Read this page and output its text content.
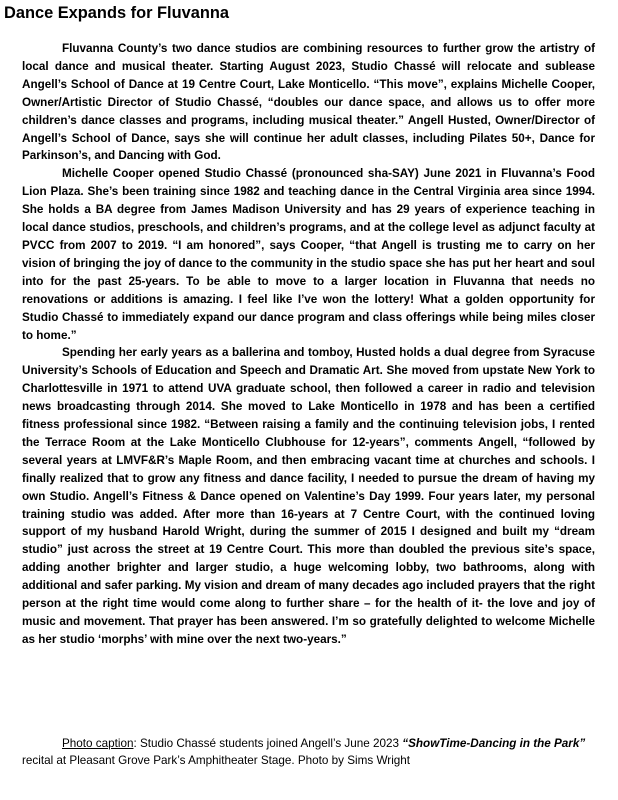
Dance Expands for Fluvanna

Fluvanna County’s two dance studios are combining resources to further grow the artistry of local dance and musical theater. Starting August 2023, Studio Chassé will relocate and sublease Angell’s School of Dance at 19 Centre Court, Lake Monticello. “This move”, explains Michelle Cooper, Owner/Artistic Director of Studio Chassé, “doubles our dance space, and allows us to offer more children’s dance classes and programs, including musical theater.” Angell Husted, Owner/Director of Angell’s School of Dance, says she will continue her adult classes, including Pilates 50+, Dance for Parkinson’s, and Dancing with God.

Michelle Cooper opened Studio Chassé (pronounced sha-SAY) June 2021 in Fluvanna’s Food Lion Plaza. She’s been training since 1982 and teaching dance in the Central Virginia area since 1994. She holds a BA degree from James Madison University and has 29 years of experience teaching in local dance studios, preschools, and children’s programs, and at the college level as adjunct faculty at PVCC from 2007 to 2019. “I am honored”, says Cooper, “that Angell is trusting me to carry on her vision of bringing the joy of dance to the community in the studio space she has put her heart and soul into for the past 25-years. To be able to move to a larger location in Fluvanna that needs no renovations or additions is amazing. I feel like I’ve won the lottery! What a golden opportunity for Studio Chassé to immediately expand our dance program and class offerings while being miles closer to home.”

Spending her early years as a ballerina and tomboy, Husted holds a dual degree from Syracuse University’s Schools of Education and Speech and Dramatic Art. She moved from upstate New York to Charlottesville in 1971 to attend UVA graduate school, then followed a career in radio and television news broadcasting through 2014. She moved to Lake Monticello in 1978 and has been a certified fitness professional since 1982. “Between raising a family and the continuing television jobs, I rented the Terrace Room at the Lake Monticello Clubhouse for 12-years”, comments Angell, “followed by several years at LMVF&R’s Maple Room, and then embracing vacant time at churches and schools. I finally realized that to grow any fitness and dance facility, I needed to pursue the dream of having my own Studio. Angell’s Fitness & Dance opened on Valentine’s Day 1999. Four years later, my personal training studio was added. After more than 16-years at 7 Centre Court, with the continued loving support of my husband Harold Wright, during the summer of 2015 I designed and built my “dream studio” just across the street at 19 Centre Court. This more than doubled the previous site’s space, adding another brighter and larger studio, a huge welcoming lobby, two bathrooms, along with additional and safer parking. My vision and dream of many decades ago included prayers that the right person at the right time would come along to further share – for the health of it- the love and joy of music and movement. That prayer has been answered. I’m so gratefully delighted to welcome Michelle as her studio ‘morphs’ with mine over the next two-years.”

Photo caption: Studio Chassé students joined Angell’s June 2023 “ShowTime-Dancing in the Park” recital at Pleasant Grove Park’s Amphitheater Stage. Photo by Sims Wright
